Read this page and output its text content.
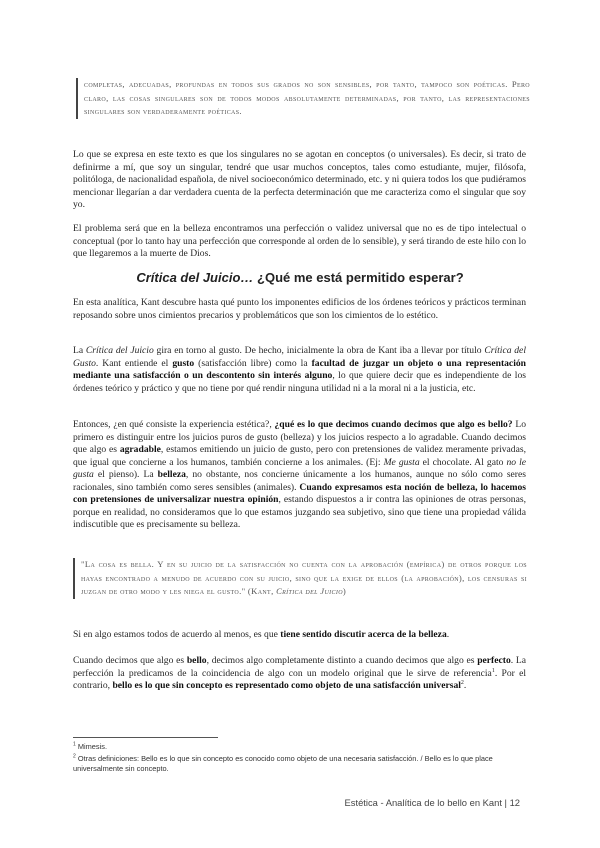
completas, adecuadas, profundas en todos sus grados no son sensibles, por tanto, tampoco son poéticas. Pero claro, las cosas singulares son de todos modos absolutamente determinadas, por tanto, las representaciones singulares son verdaderamente poéticas.
Lo que se expresa en este texto es que los singulares no se agotan en conceptos (o universales). Es decir, si trato de definirme a mí, que soy un singular, tendré que usar muchos conceptos, tales como estudiante, mujer, filósofa, politóloga, de nacionalidad española, de nivel socioeconómico determinado, etc. y ni quiera todos los que pudiéramos mencionar llegarían a dar verdadera cuenta de la perfecta determinación que me caracteriza como el singular que soy yo.
El problema será que en la belleza encontramos una perfección o validez universal que no es de tipo intelectual o conceptual (por lo tanto hay una perfección que corresponde al orden de lo sensible), y será tirando de este hilo con lo que llegaremos a la muerte de Dios.
Crítica del Juicio… ¿Qué me está permitido esperar?
En esta analítica, Kant descubre hasta qué punto los imponentes edificios de los órdenes teóricos y prácticos terminan reposando sobre unos cimientos precarios y problemáticos que son los cimientos de lo estético.
La Crítica del Juicio gira en torno al gusto. De hecho, inicialmente la obra de Kant iba a llevar por título Crítica del Gusto. Kant entiende el gusto (satisfacción libre) como la facultad de juzgar un objeto o una representación mediante una satisfacción o un descontento sin interés alguno, lo que quiere decir que es independiente de los órdenes teórico y práctico y que no tiene por qué rendir ninguna utilidad ni a la moral ni a la justicia, etc.
Entonces, ¿en qué consiste la experiencia estética?, ¿qué es lo que decimos cuando decimos que algo es bello? Lo primero es distinguir entre los juicios puros de gusto (belleza) y los juicios respecto a lo agradable. Cuando decimos que algo es agradable, estamos emitiendo un juicio de gusto, pero con pretensiones de validez meramente privadas, que igual que concierne a los humanos, también concierne a los animales. (Ej: Me gusta el chocolate. Al gato no le gusta el pienso). La belleza, no obstante, nos concierne únicamente a los humanos, aunque no sólo como seres racionales, sino también como seres sensibles (animales). Cuando expresamos esta noción de belleza, lo hacemos con pretensiones de universalizar nuestra opinión, estando dispuestos a ir contra las opiniones de otras personas, porque en realidad, no consideramos que lo que estamos juzgando sea subjetivo, sino que tiene una propiedad válida indiscutible que es precisamente su belleza.
"La cosa es bella. Y en su juicio de la satisfacción no cuenta con la aprobación (empírica) de otros porque los hayas encontrado a menudo de acuerdo con su juicio, sino que la exige de ellos (la aprobación), los censuras si juzgan de otro modo y les niega el gusto." (Kant, Crítica del Juicio)
Si en algo estamos todos de acuerdo al menos, es que tiene sentido discutir acerca de la belleza.
Cuando decimos que algo es bello, decimos algo completamente distinto a cuando decimos que algo es perfecto. La perfección la predicamos de la coincidencia de algo con un modelo original que le sirve de referencia$^1$. Por el contrario, bello es lo que sin concepto es representado como objeto de una satisfacción universal$^2$.
$^1$ Mimesis.
$^2$ Otras definiciones: Bello es lo que sin concepto es conocido como objeto de una necesaria satisfacción. / Bello es lo que place universalmente sin concepto.
Estética - Analítica de lo bello en Kant | 12
